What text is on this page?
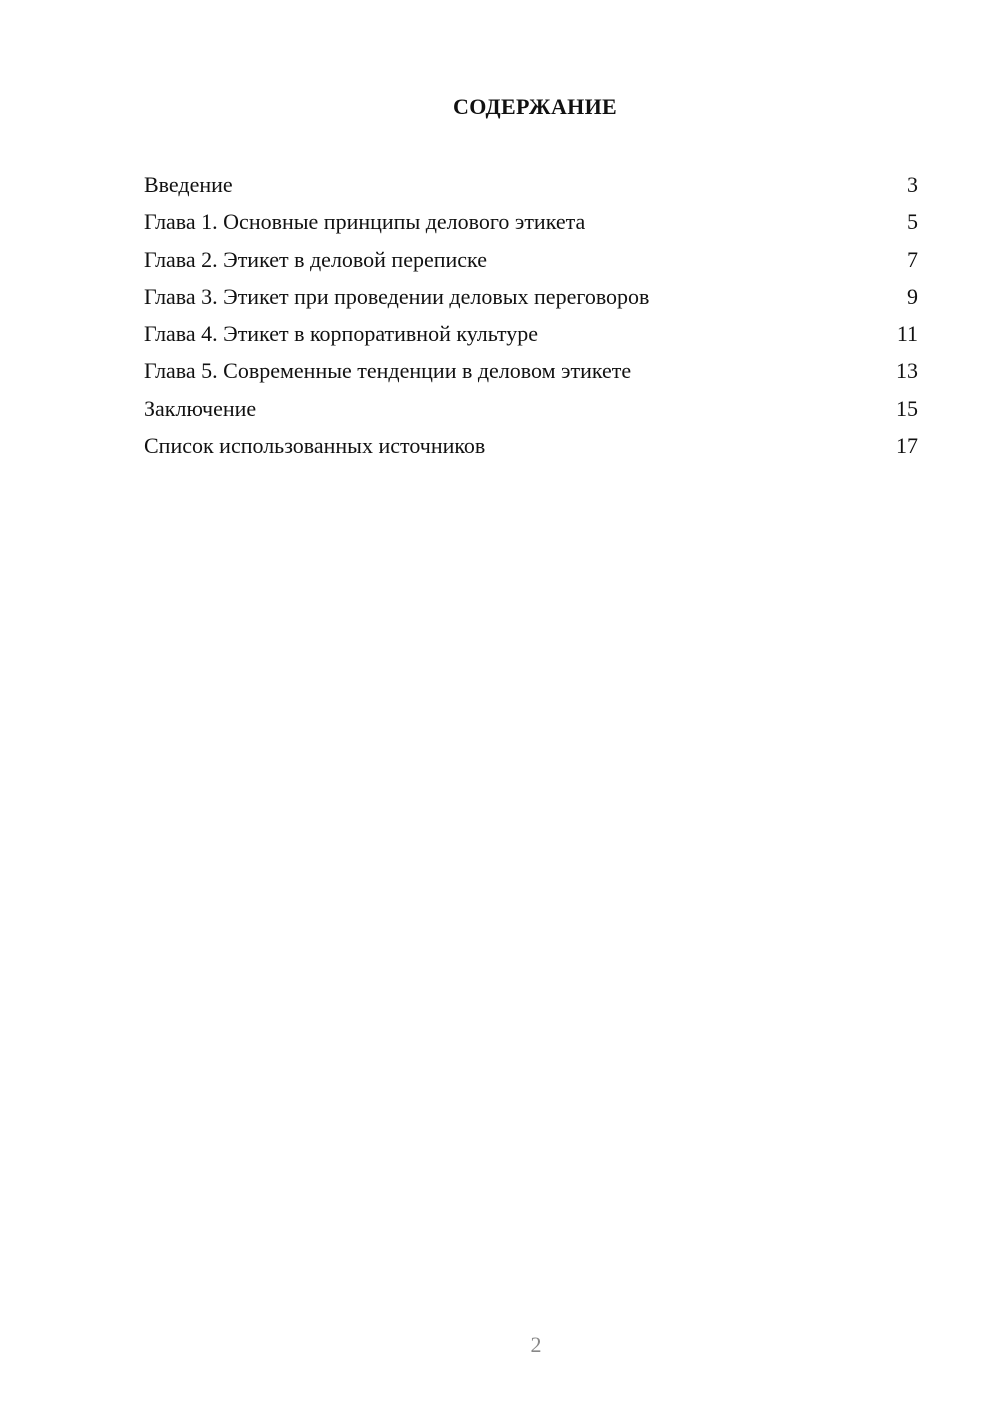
СОДЕРЖАНИЕ
Введение	3
Глава 1. Основные принципы делового этикета	5
Глава 2. Этикет в деловой переписке	7
Глава 3. Этикет при проведении деловых переговоров	9
Глава 4. Этикет в корпоративной культуре	11
Глава 5. Современные тенденции в деловом этикете	13
Заключение	15
Список использованных источников	17
2
